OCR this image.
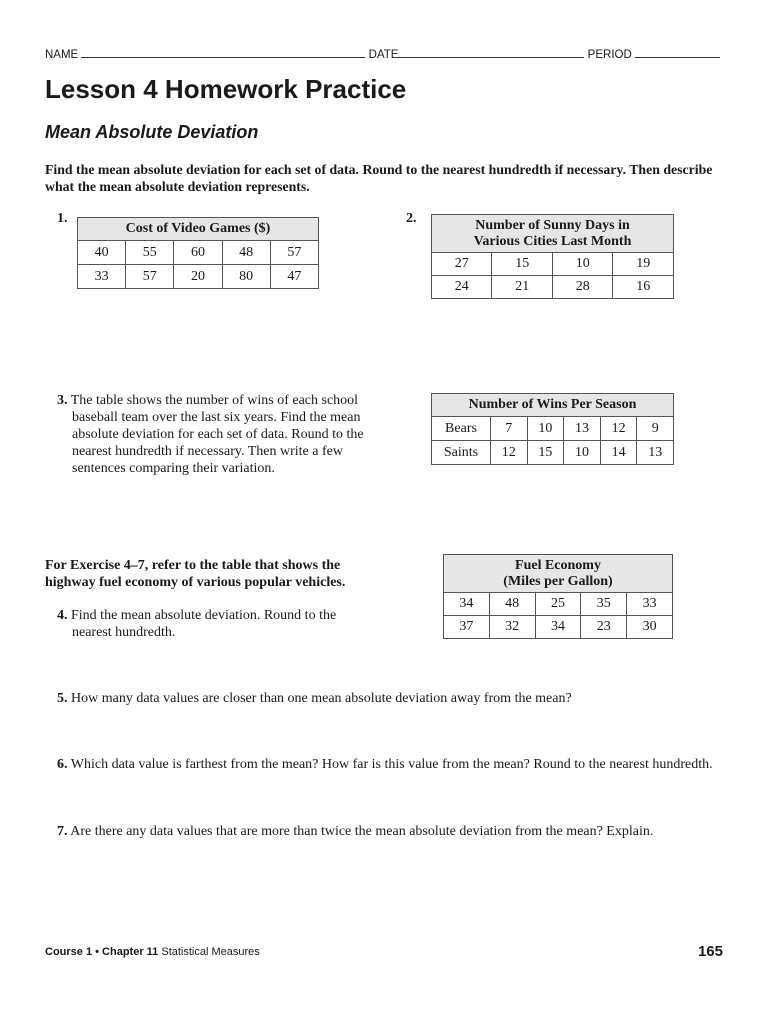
NAME	DATE	PERIOD
Lesson 4 Homework Practice
Mean Absolute Deviation
Find the mean absolute deviation for each set of data. Round to the nearest hundredth if necessary. Then describe what the mean absolute deviation represents.
1.
Cost of Video Games ($)				
40	55	60	48	57
33	57	20	80	47
2.	Number of Sunny Days in
Various Cities Last Month			

27	15	10	19
24	21	28	16
3. The table shows the number of wins of each school baseball team over the last six years. Find the mean absolute deviation for each set of data. Round to the nearest hundredth if necessary. Then write a few sentences comparing their variation.
Number of Wins Per Season					
Bears	7	10	13	12	9
Saints	12	15	10	14	13
For Exercise 4–7, refer to the table that shows the highway fuel economy of various popular vehicles.
Fuel Economy
(Miles per Gallon)				

34	48	25	35	33
37	32	34	23	30
4. Find the mean absolute deviation. Round to the nearest hundredth.
5. How many data values are closer than one mean absolute deviation away from the mean?
6. Which data value is farthest from the mean? How far is this value from the mean? Round to the nearest hundredth.
7. Are there any data values that are more than twice the mean absolute deviation from the mean? Explain.
Course 1 • Chapter 11 Statistical Measures	165
